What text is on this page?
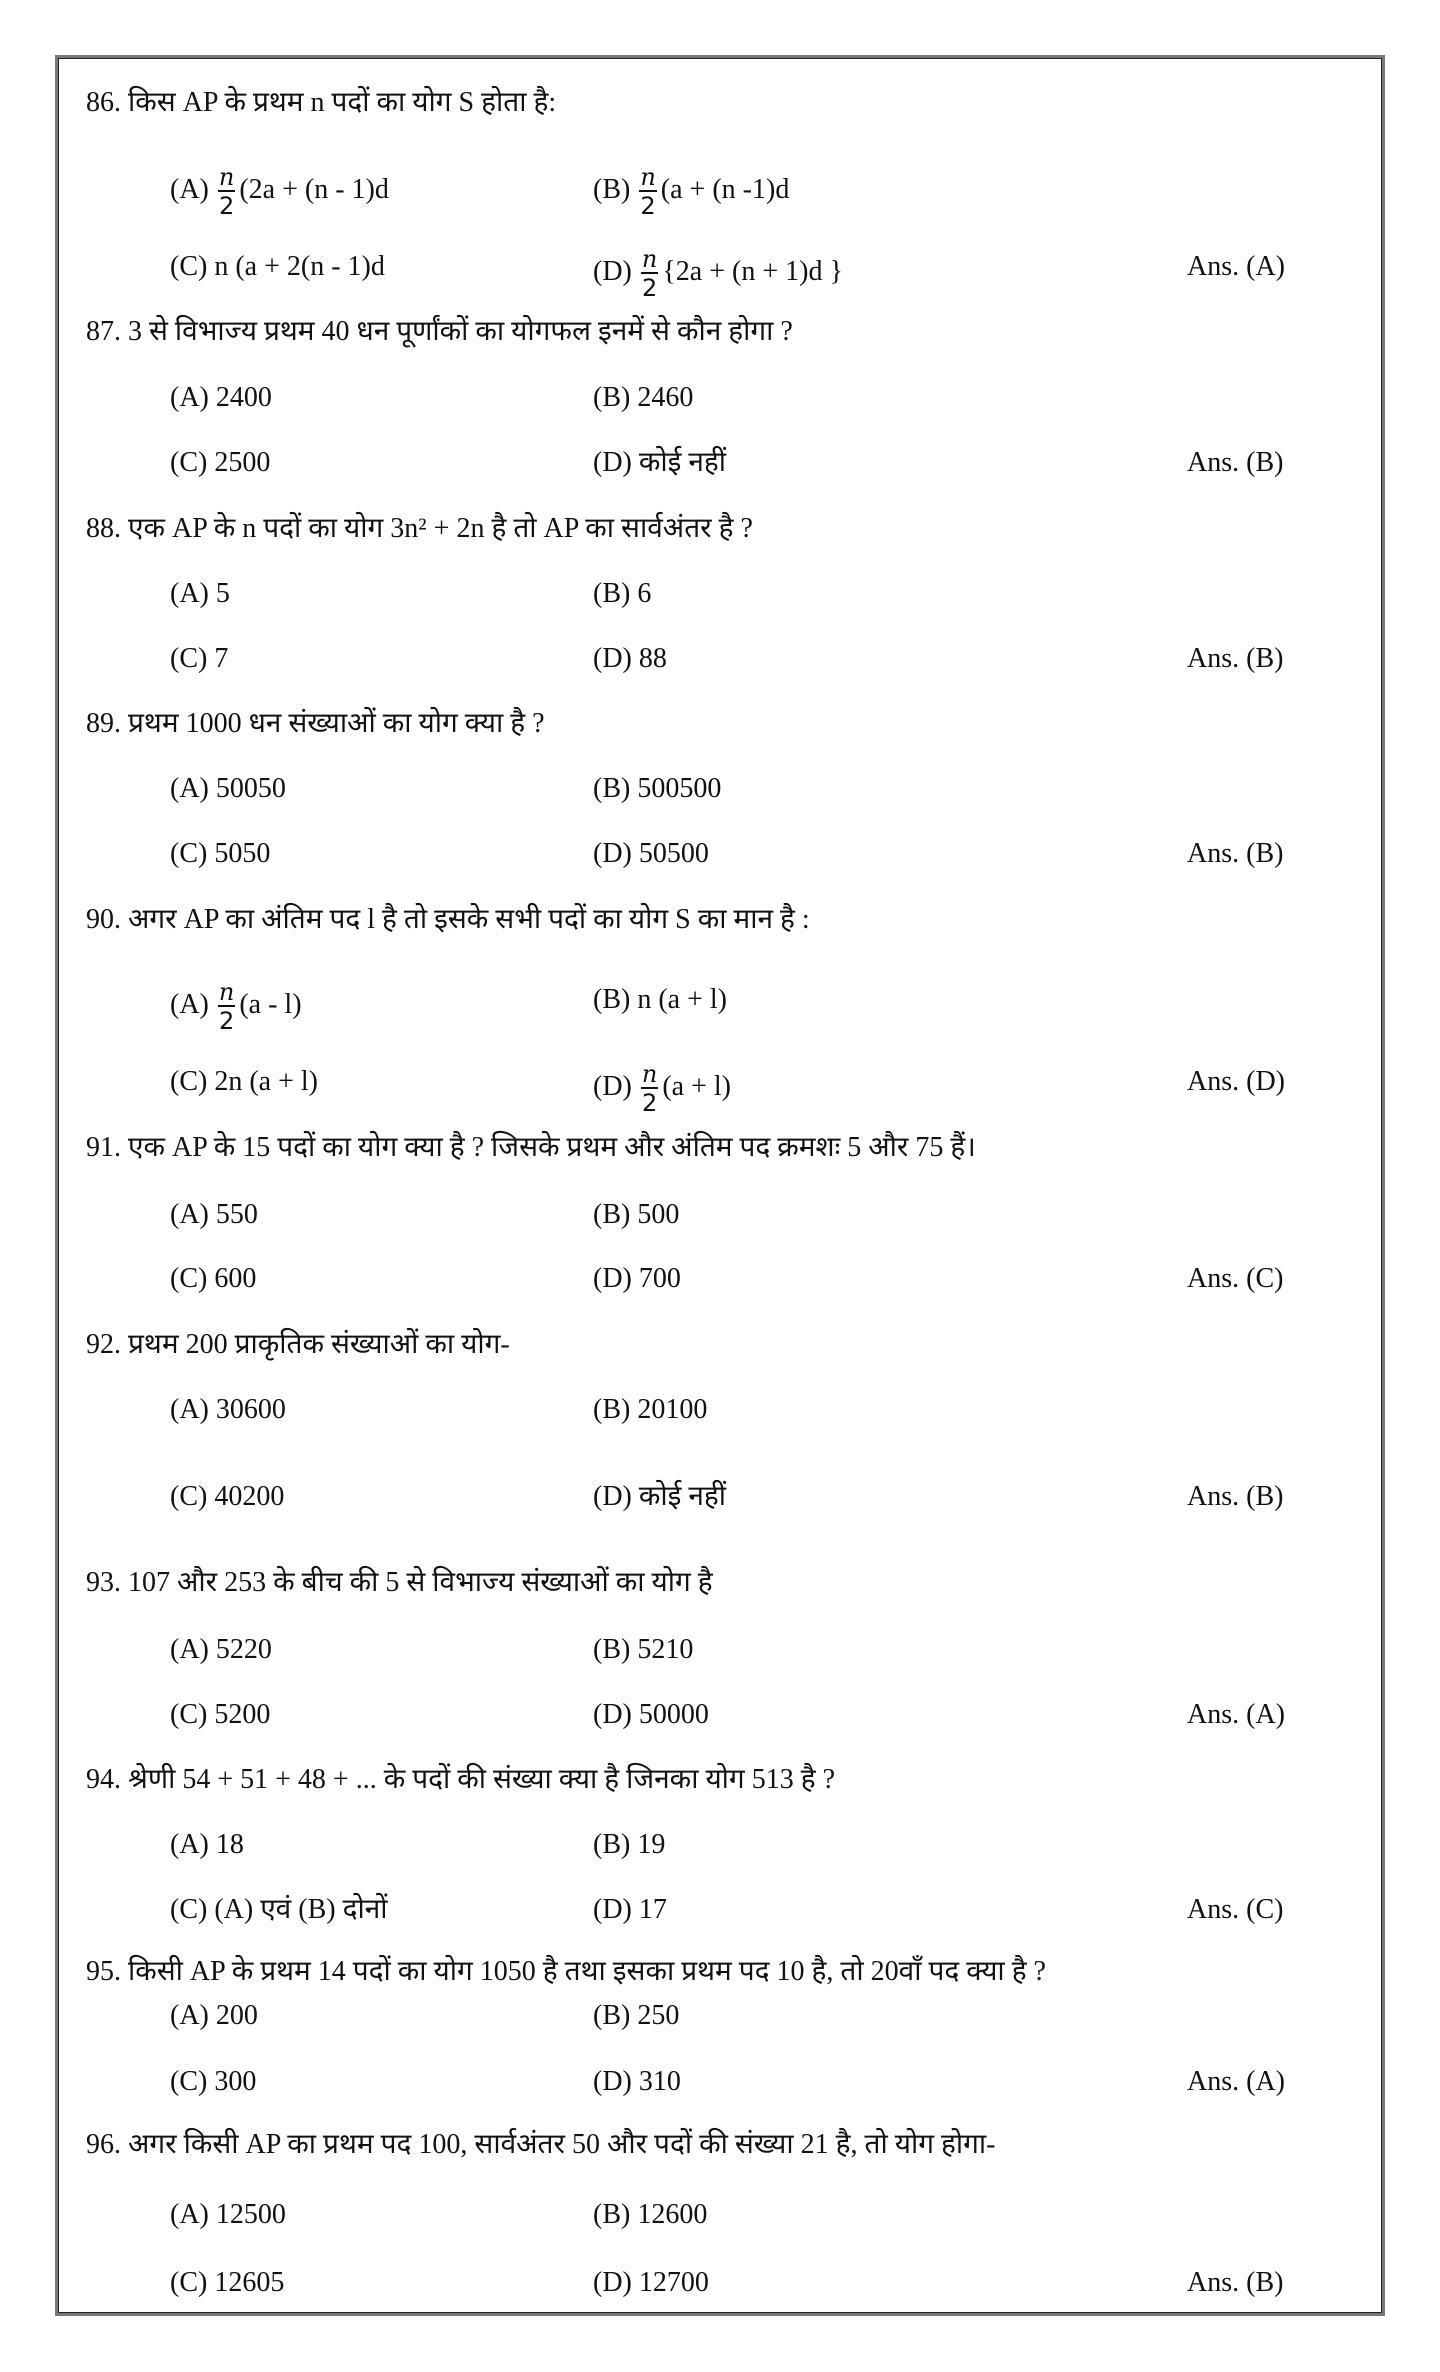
86. किस AP के प्रथम n पदों का योग S होता है:
$(A) \frac{n}{2} (2a + (n - 1)d$	$(B) \frac{n}{2} (a + (n$ -1)d
(C) n (a + 2(n - 1)d	$(D) \frac{n}{2} \{2a + (n + 1)d$ }	Ans. (A)
87. 3 से विभाज्य प्रथम 40 धन पूर्णांकों का योगफल इनमें से कौन होगा ?
(A) 2400	(B) 2460
(C) 2500	(D) कोई नहीं	Ans. (B)
88. एक AP के n पदों का योग 3n² + 2n है तो AP का सार्वअंतर है ?
(A) 5	(B) 6
(C) 7	(D) 88	Ans. (B)
89. प्रथम 1000 धन संख्याओं का योग क्या है ?
(A) 50050	(B) 500500
(C) 5050	(D) 50500	Ans. (B)
90. अगर AP का अंतिम पद l है तो इसके सभी पदों का योग S का मान है :
$(A) \frac{n}{2} (a - l)$	(B) n (a + l)
(C) 2n (a + l)	$(D) \frac{n}{2} (a + l)$	Ans. (D)
91. एक AP के 15 पदों का योग क्या है ? जिसके प्रथम और अंतिम पद क्रमशः 5 और 75 हैं।
(A) 550	(B) 500
(C) 600	(D) 700	Ans. (C)
92. प्रथम 200 प्राकृतिक संख्याओं का योग-
(A) 30600	(B) 20100
(C) 40200	(D) कोई नहीं	Ans. (B)
93. 107 और 253 के बीच की 5 से विभाज्य संख्याओं का योग है
(A) 5220	(B) 5210
(C) 5200	(D) 50000	Ans. (A)
94. श्रेणी 54 + 51 + 48 + ... के पदों की संख्या क्या है जिनका योग 513 है ?
(A) 18	(B) 19
(C) (A) एवं (B) दोनों	(D) 17	Ans. (C)
95. किसी AP के प्रथम 14 पदों का योग 1050 है तथा इसका प्रथम पद 10 है, तो 20वाँ पद क्या है ?
(A) 200	(B) 250
(C) 300	(D) 310	Ans. (A)
96. अगर किसी AP का प्रथम पद 100, सार्वअंतर 50 और पदों की संख्या 21 है, तो योग होगा-
(A) 12500	(B) 12600
(C) 12605	(D) 12700	Ans. (B)
